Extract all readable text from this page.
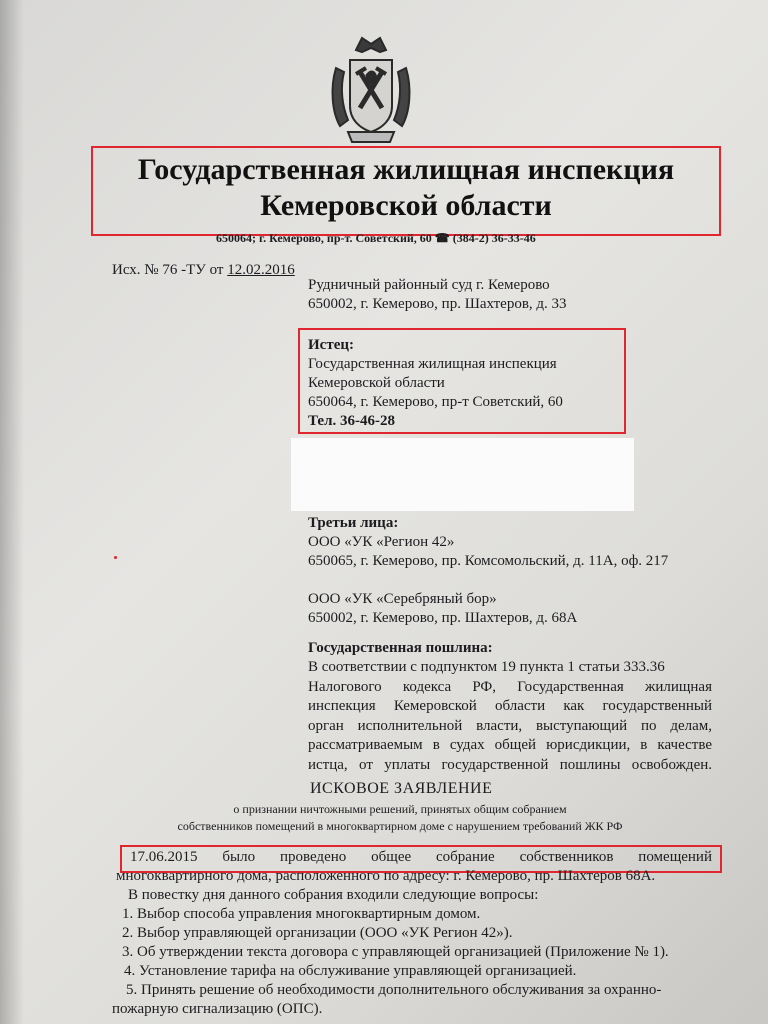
Государственная жилищная инспекция
Кемеровской области
650064; г. Кемерово, пр-т. Советский, 60 ☎ (384-2) 36-33-46
Исх. № 76 -ТУ от 12.02.2016
Рудничный районный суд г. Кемерово
650002, г. Кемерово, пр. Шахтеров, д. 33
Истец:
Государственная жилищная инспекция
Кемеровской области
650064, г. Кемерово, пр-т Советский, 60
Тел. 36-46-28
Третьи лица:
ООО «УК «Регион 42»
650065, г. Кемерово, пр. Комсомольский, д. 11А, оф. 217
ООО «УК «Серебряный бор»
650002, г. Кемерово, пр. Шахтеров, д. 68А
Государственная пошлина:
В соответствии с подпунктом 19 пункта 1 статьи 333.36
Налогового кодекса РФ, Государственная жилищная
инспекция Кемеровской области как государственный
орган исполнительной власти, выступающий по делам,
рассматриваемым в судах общей юрисдикции, в качестве
истца, от уплаты государственной пошлины освобожден.
ИСКОВОЕ ЗАЯВЛЕНИЕ
о признании ничтожными решений, принятых общим собранием
собственников помещений в многоквартирном доме с нарушением требований ЖК РФ
17.06.2015 было проведено общее собрание собственников помещений
многоквартирного дома, расположенного по адресу: г. Кемерово, пр. Шахтеров 68А.
В повестку дня данного собрания входили следующие вопросы:
1. Выбор способа управления многоквартирным домом.
2. Выбор управляющей организации (ООО «УК Регион 42»).
3. Об утверждении текста договора с управляющей организацией (Приложение № 1).
4. Установление тарифа на обслуживание управляющей организацией.
5. Принять решение об необходимости дополнительного обслуживания за охранно-
пожарную сигнализацию (ОПС).
